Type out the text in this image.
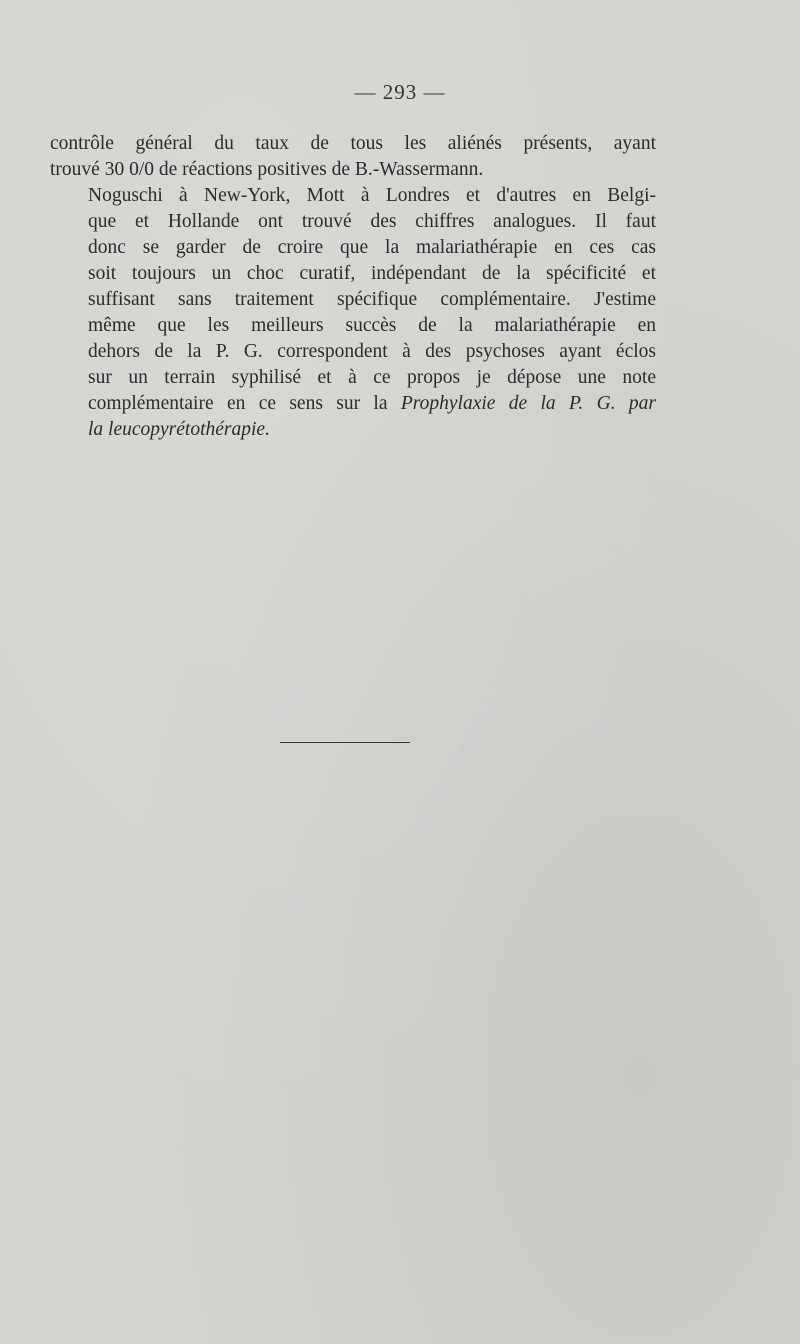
— 293 —

contrôle général du taux de tous les aliénés présents, ayant
trouvé 30 0/0 de réactions positives de B.-Wassermann.

Noguschi à New-York, Mott à Londres et d'autres en Belgi-
que et Hollande ont trouvé des chiffres analogues. Il faut
donc se garder de croire que la malariathérapie en ces cas
soit toujours un choc curatif, indépendant de la spécificité et
suffisant sans traitement spécifique complémentaire. J'estime
même que les meilleurs succès de la malariathérapie en
dehors de la P. G. correspondent à des psychoses ayant éclos
sur un terrain syphilisé et à ce propos je dépose une note
complémentaire en ce sens sur la Prophylaxie de la P. G. par
la leucopyrétothérapie.
